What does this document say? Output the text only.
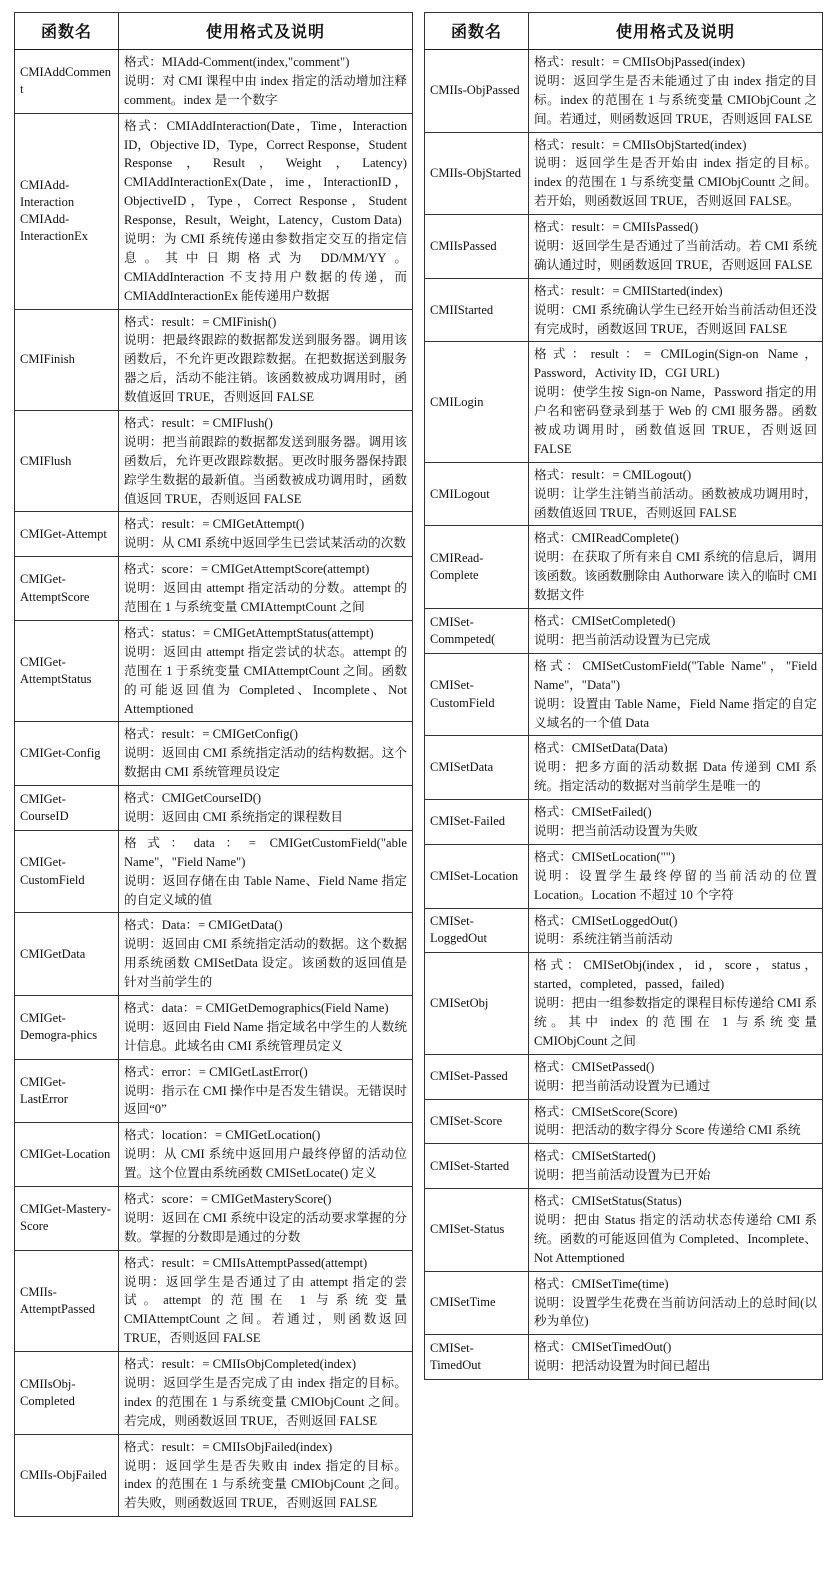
函数名	使用格式及说明
CMIAddComment	格式：MIAdd‐Comment(index,"comment")
说明：对 CMI 课程中由 index 指定的活动增加注释 comment。index 是一个数字

CMIAdd‐Interaction CMIAdd‐InteractionEx	格式：CMIAddInteraction(Date，Time，Interaction ID，Objective ID，Type，Correct Response，Student Response，Result，Weight，Latency) CMIAddInteractionEx(Date，ime，InteractionID，ObjectiveID，Type，Correct Response，Student Response，Result，Weight，Latency，Custom Data)
说明：为 CMI 系统传递由参数指定交互的指定信息。其中日期格式为 DD/MM/YY。CMIAddInteraction 不支持用户数据的传递，而 CMIAddInteractionEx 能传递用户数据

CMIFinish	格式：result：= CMIFinish()
说明：把最终跟踪的数据都发送到服务器。调用该函数后，不允许更改跟踪数据。在把数据送到服务器之后，活动不能注销。该函数被成功调用时，函数值返回 TRUE，否则返回 FALSE

CMIFlush	格式：result：= CMIFlush()
说明：把当前跟踪的数据都发送到服务器。调用该函数后，允许更改跟踪数据。更改时服务器保持跟踪学生数据的最新值。当函数被成功调用时，函数值返回 TRUE，否则返回 FALSE

CMIGet‐Attempt	格式：result：= CMIGetAttempt()
说明：从 CMI 系统中返回学生已尝试某活动的次数

CMIGet‐AttemptScore	格式：score：= CMIGetAttemptScore(attempt)
说明：返回由 attempt 指定活动的分数。attempt 的范围在 1 与系统变量 CMIAttemptCount 之间

CMIGet‐AttemptStatus	格式：status：= CMIGetAttemptStatus(attempt)
说明：返回由 attempt 指定尝试的状态。attempt 的范围在 1 于系统变量 CMIAttemptCount 之间。函数的可能返回值为 Completed、Incomplete、Not Attemptioned

CMIGet‐Config	格式：result：= CMIGetConfig()
说明：返回由 CMI 系统指定活动的结构数据。这个数据由 CMI 系统管理员设定

CMIGet‐CourseID	格式：CMIGetCourseID()
说明：返回由 CMI 系统指定的课程数目

CMIGet‐CustomField	格式：data：= CMIGetCustomField("able Name"，"Field Name")
说明：返回存储在由 Table Name、Field Name 指定的自定义域的值

CMIGetData	格式：Data：= CMIGetData()
说明：返回由 CMI 系统指定活动的数据。这个数据用系统函数 CMISetData 设定。该函数的返回值是针对当前学生的

CMIGet‐Demogra‐phics	格式：data：= CMIGetDemographics(Field Name)
说明：返回由 Field Name 指定域名中学生的人数统计信息。此域名由 CMI 系统管理员定义

CMIGet‐LastError	格式：error：= CMIGetLastError()
说明：指示在 CMI 操作中是否发生错误。无错误时返回“0”

CMIGet‐Location	格式：location：= CMIGetLocation()
说明：从 CMI 系统中返回用户最终停留的活动位置。这个位置由系统函数 CMISetLocate() 定义

CMIGet‐Mastery‐Score	格式：score：= CMIGetMasteryScore()
说明：返回在 CMI 系统中设定的活动要求掌握的分数。掌握的分数即是通过的分数

CMIIs‐AttemptPassed	格式：result：= CMIIsAttemptPassed(attempt)
说明：返回学生是否通过了由 attempt 指定的尝试。attempt 的范围在 1 与系统变量 CMIAttemptCount 之间。若通过，则函数返回 TRUE，否则返回 FALSE

CMIIsObj‐Completed	格式：result：= CMIIsObjCompleted(index)
说明：返回学生是否完成了由 index 指定的目标。index 的范围在 1 与系统变量 CMIObjCount 之间。若完成，则函数返回 TRUE，否则返回 FALSE

CMIIs‐ObjFailed	格式：result：= CMIIsObjFailed(index)
说明：返回学生是否失败由 index 指定的目标。index 的范围在 1 与系统变量 CMIObjCount 之间。若失败，则函数返回 TRUE，否则返回 FALSE
函数名	使用格式及说明
CMIIs‐ObjPassed	格式：result：= CMIIsObjPassed(index)
说明：返回学生是否未能通过了由 index 指定的目标。index 的范围在 1 与系统变量 CMIObjCount 之间。若通过，则函数返回 TRUE，否则返回 FALSE

CMIIs‐ObjStarted	格式：result：= CMIIsObjStarted(index)
说明：返回学生是否开始由 index 指定的目标。index 的范围在 1 与系统变量 CMIObjCountt 之间。若开始，则函数返回 TRUE，否则返回 FALSE。

CMIIsPassed	格式：result：= CMIIsPassed()
说明：返回学生是否通过了当前活动。若 CMI 系统确认通过时，则函数返回 TRUE，否则返回 FALSE

CMIIStarted	格式：result：= CMIIStarted(index)
说明：CMI 系统确认学生已经开始当前活动但还没有完成时，函数返回 TRUE，否则返回 FALSE

CMILogin	格式：result：= CMILogin(Sign‐on Name，Password，Activity ID，CGI URL)
说明：使学生按 Sign‐on Name，Password 指定的用户名和密码登录到基于 Web 的 CMI 服务器。函数被成功调用时，函数值返回 TRUE，否则返回 FALSE

CMILogout	格式：result：= CMILogout()
说明：让学生注销当前活动。函数被成功调用时，函数值返回 TRUE，否则返回 FALSE

CMIRead‐Complete	格式：CMIReadComplete()
说明：在获取了所有来自 CMI 系统的信息后，调用该函数。该函数删除由 Authorware 读入的临时 CMI 数据文件

CMISet‐Commpeted(	格式：CMISetCompleted()
说明：把当前活动设置为已完成

CMISet‐CustomField	格式：CMISetCustomField("Table Name"，"Field Name"，"Data")
说明：设置由 Table Name，Field Name 指定的自定义域名的一个值 Data

CMISetData	格式：CMISetData(Data)
说明：把多方面的活动数据 Data 传递到 CMI 系统。指定活动的数据对当前学生是唯一的

CMISet‐Failed	格式：CMISetFailed()
说明：把当前活动设置为失败

CMISet‐Location	格式：CMISetLocation("")
说明：设置学生最终停留的当前活动的位置 Location。Location 不超过 10 个字符

CMISet‐LoggedOut	格式：CMISetLoggedOut()
说明：系统注销当前活动

CMISetObj	格式：CMISetObj(index，id，score，status，started，completed，passed，failed)
说明：把由一组参数指定的课程目标传递给 CMI 系统。其中 index 的范围在 1 与系统变量 CMIObjCount 之间

CMISet‐Passed	格式：CMISetPassed()
说明：把当前活动设置为已通过

CMISet‐Score	格式：CMISetScore(Score)
说明：把活动的数字得分 Score 传递给 CMI 系统

CMISet‐Started	格式：CMISetStarted()
说明：把当前活动设置为已开始

CMISet‐Status	格式：CMISetStatus(Status)
说明：把由 Status 指定的活动状态传递给 CMI 系统。函数的可能返回值为 Completed、Incomplete、Not Attemptioned

CMISetTime	格式：CMISetTime(time)
说明：设置学生花费在当前访问活动上的总时间(以秒为单位)

CMISet‐TimedOut	格式：CMISetTimedOut()
说明：把活动设置为时间已超出
